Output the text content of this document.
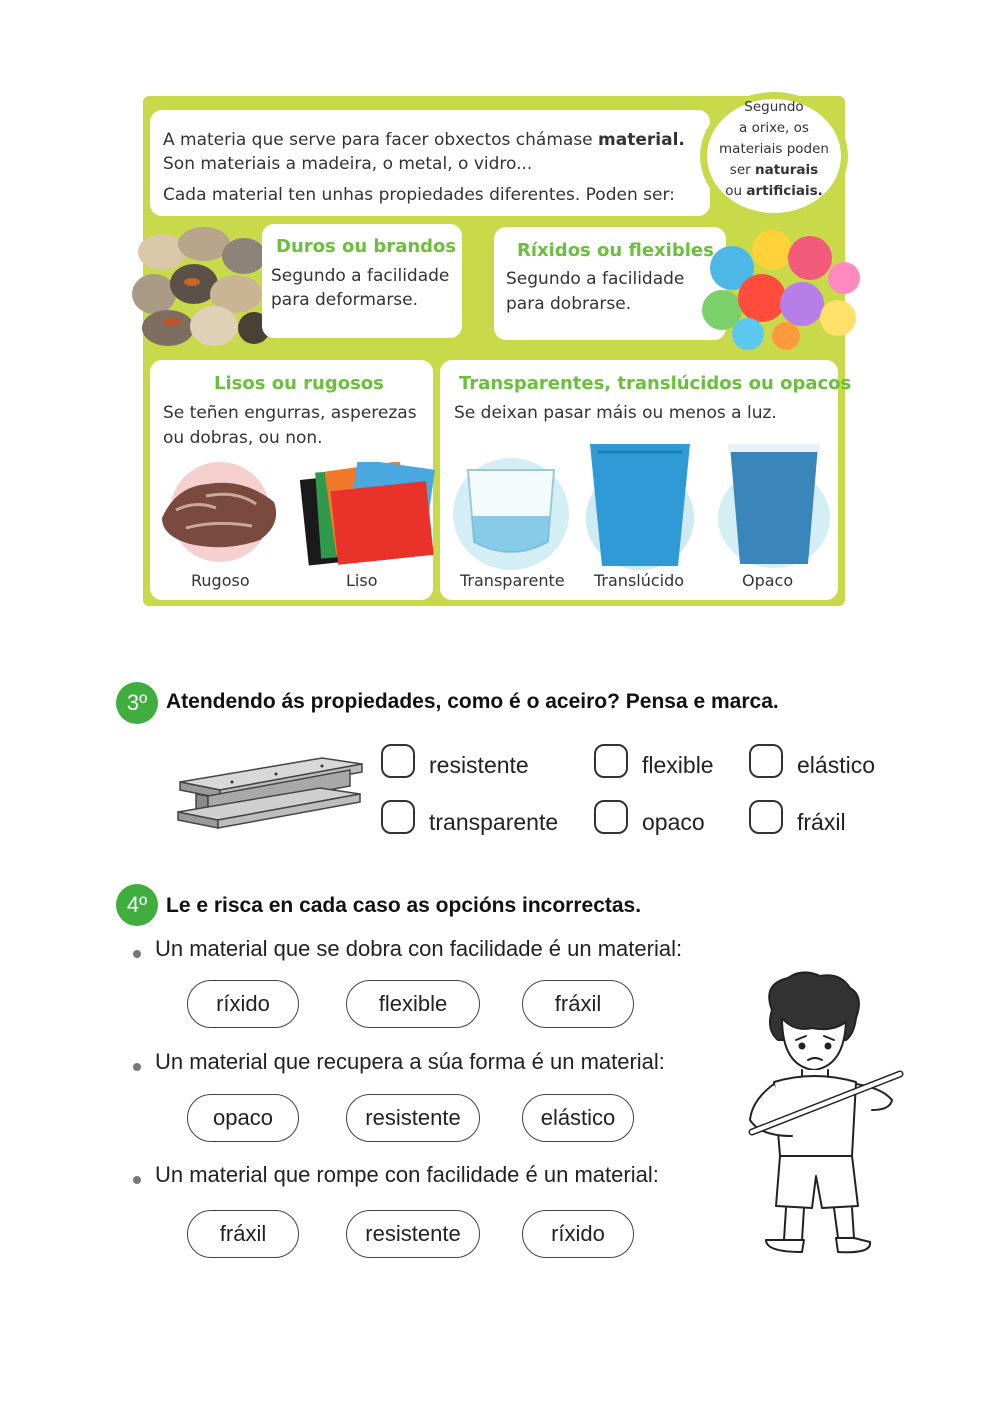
A materia que serve para facer obxectos chámase material.
Son materiais a madeira, o metal, o vidro...
Cada material ten unhas propiedades diferentes. Poden ser:
Segundo
a orixe, os
materiais poden
ser naturais
ou artificiais.
Duros ou brandos
Segundo a facilidade
para deformarse.
Ríxidos ou flexibles
Segundo a facilidade
para dobrarse.
Lisos ou rugosos
Se teñen engurras, asperezas
ou dobras, ou non.
Rugoso	Liso
Transparentes, translúcidos ou opacos
Se deixan pasar máis ou menos a luz.
Transparente Translúcido	Opaco
3º Atendendo ás propiedades, como é o aceiro? Pensa e marca.
resistente	flexible	elástico
transparente	opaco	fráxil
4º Le e risca en cada caso as opcións incorrectas.
Un material que se dobra con facilidade é un material:
ríxido	flexible	fráxil
Un material que recupera a súa forma é un material:
opaco	resistente	elástico
Un material que rompe con facilidade é un material:
fráxil	resistente	ríxido
